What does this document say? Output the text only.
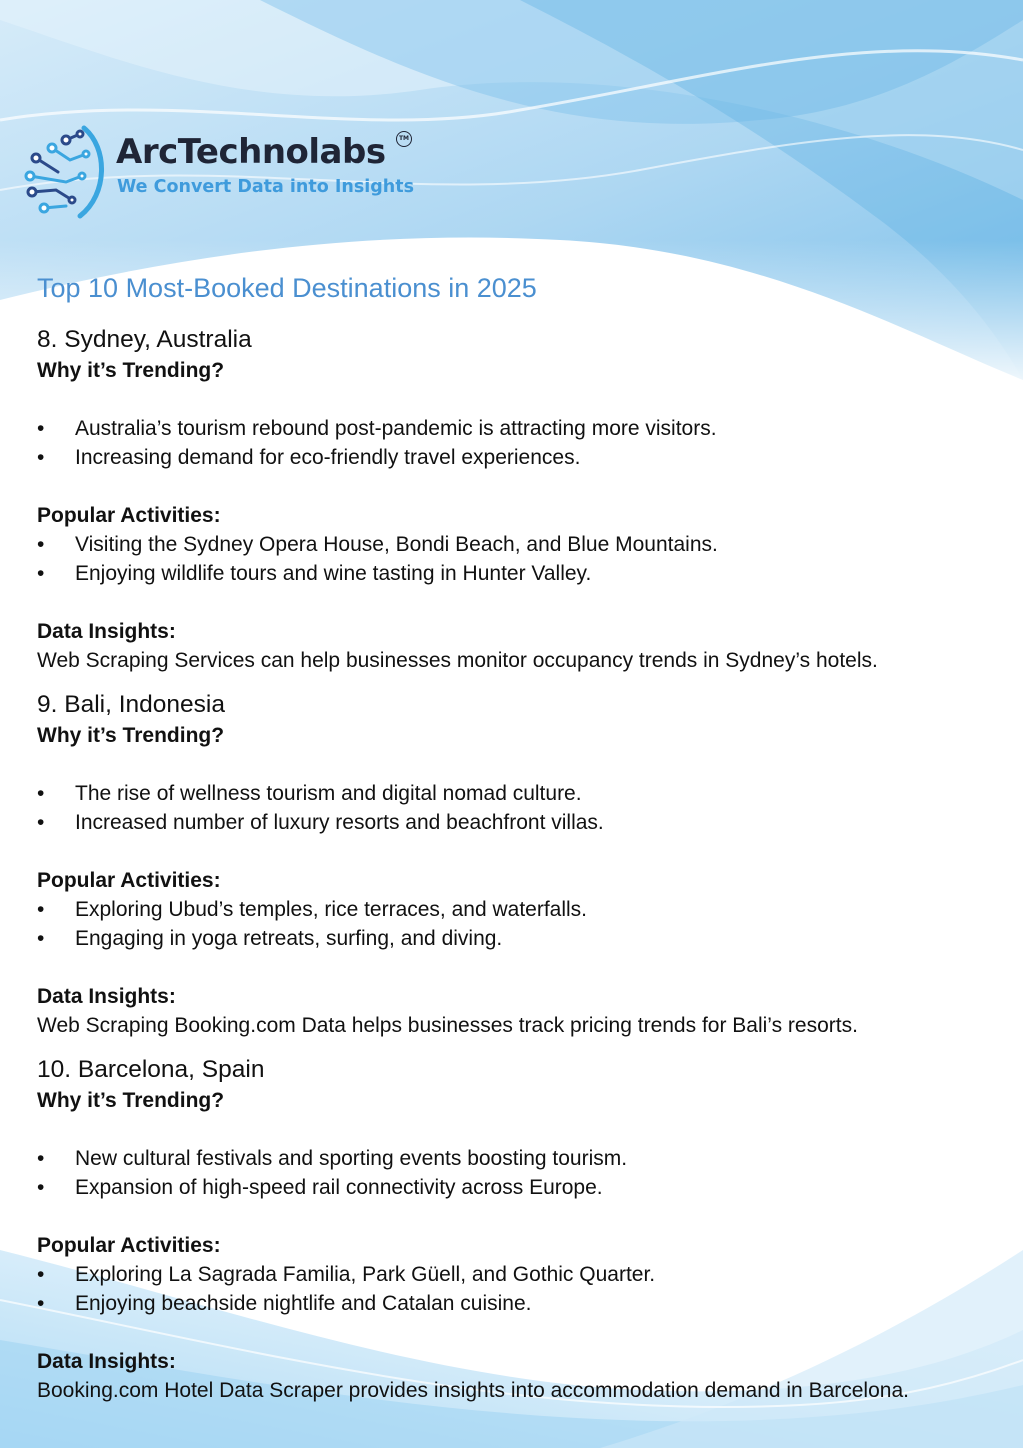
ArcTechnolabs	TM
We Convert Data into Insights
Top 10 Most-Booked Destinations in 2025
8. Sydney, Australia

Why it’s Trending?

• Australia’s tourism rebound post-pandemic is attracting more visitors.
• Increasing demand for eco-friendly travel experiences.

Popular Activities:

• Visiting the Sydney Opera House, Bondi Beach, and Blue Mountains.
• Enjoying wildlife tours and wine tasting in Hunter Valley.

Data Insights:

Web Scraping Services can help businesses monitor occupancy trends in Sydney’s hotels.

9. Bali, Indonesia

Why it’s Trending?

• The rise of wellness tourism and digital nomad culture.
• Increased number of luxury resorts and beachfront villas.

Popular Activities:

• Exploring Ubud’s temples, rice terraces, and waterfalls.
• Engaging in yoga retreats, surfing, and diving.

Data Insights:

Web Scraping Booking.com Data helps businesses track pricing trends for Bali’s resorts.

10. Barcelona, Spain

Why it’s Trending?

• New cultural festivals and sporting events boosting tourism.
• Expansion of high-speed rail connectivity across Europe.

Popular Activities:

• Exploring La Sagrada Familia, Park Güell, and Gothic Quarter.
• Enjoying beachside nightlife and Catalan cuisine.

Data Insights:

Booking.com Hotel Data Scraper provides insights into accommodation demand in Barcelona.
